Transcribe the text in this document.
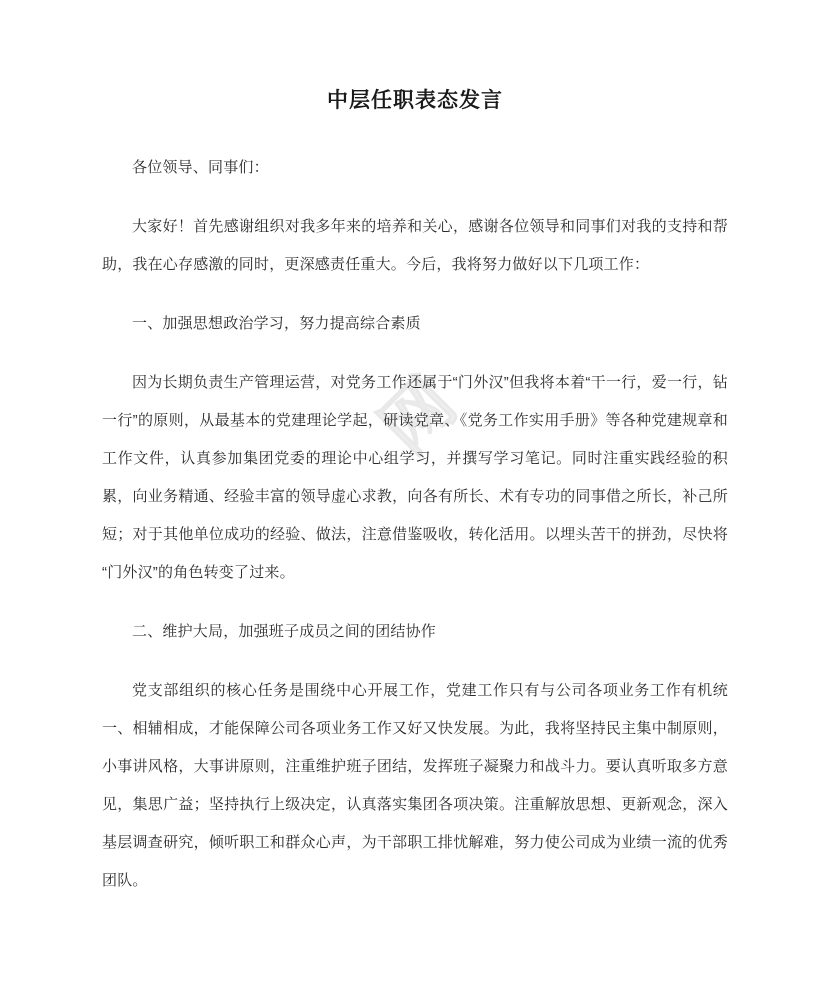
网
中层任职表态发言

各位领导、同事们：

大家好！首先感谢组织对我多年来的培养和关心，感谢各位领导和同事们对我的支持和帮助，我在心存感激的同时，更深感责任重大。今后，我将努力做好以下几项工作：

一、加强思想政治学习，努力提高综合素质

因为长期负责生产管理运营，对党务工作还属于“门外汉”但我将本着“干一行，爱一行，钻一行”的原则，从最基本的党建理论学起，研读党章、《党务工作实用手册》等各种党建规章和工作文件，认真参加集团党委的理论中心组学习，并撰写学习笔记。同时注重实践经验的积累，向业务精通、经验丰富的领导虚心求教，向各有所长、术有专功的同事借之所长，补己所短；对于其他单位成功的经验、做法，注意借鉴吸收，转化活用。以埋头苦干的拼劲，尽快将“门外汉”的角色转变了过来。

二、维护大局，加强班子成员之间的团结协作

党支部组织的核心任务是围绕中心开展工作，党建工作只有与公司各项业务工作有机统一、相辅相成，才能保障公司各项业务工作又好又快发展。为此，我将坚持民主集中制原则，小事讲风格，大事讲原则，注重维护班子团结，发挥班子凝聚力和战斗力。要认真听取多方意见，集思广益；坚持执行上级决定，认真落实集团各项决策。注重解放思想、更新观念，深入基层调查研究，倾听职工和群众心声，为干部职工排忧解难，努力使公司成为业绩一流的优秀团队。
